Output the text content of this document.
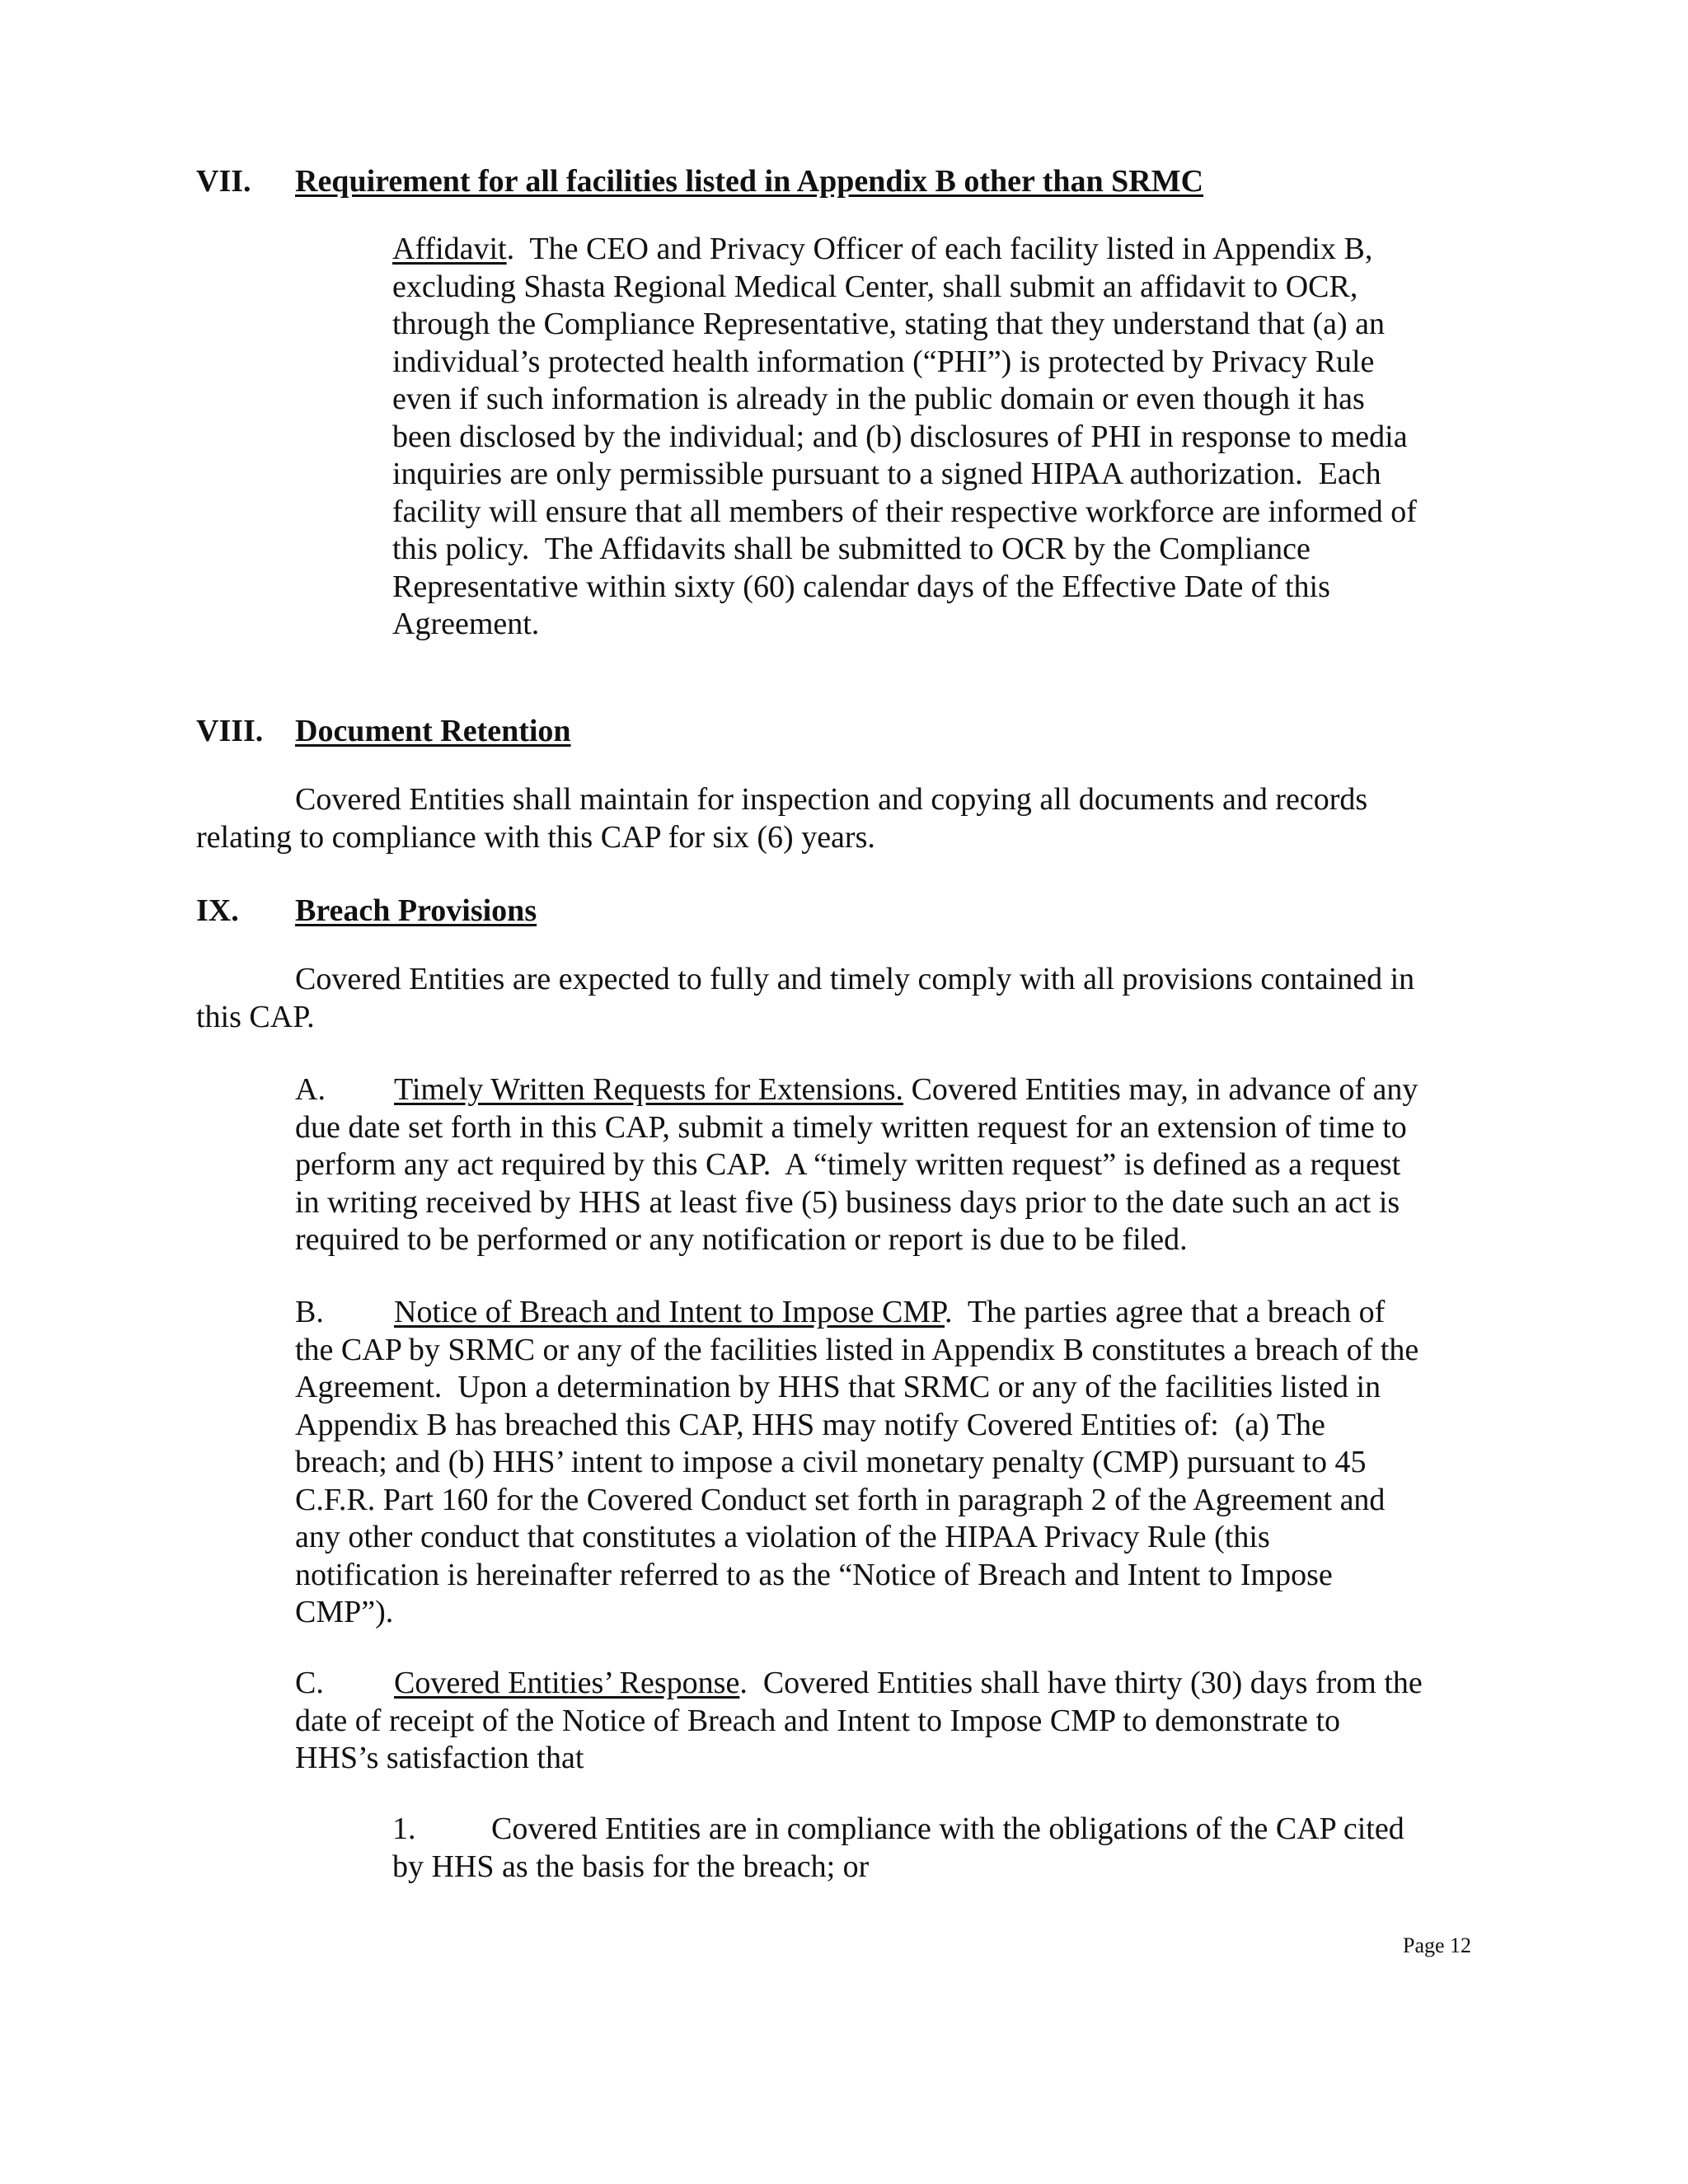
VII. Requirement for all facilities listed in Appendix B other than SRMC
Affidavit.  The CEO and Privacy Officer of each facility listed in Appendix B,
excluding Shasta Regional Medical Center, shall submit an affidavit to OCR,
through the Compliance Representative, stating that they understand that (a) an
individual’s protected health information (“PHI”) is protected by Privacy Rule
even if such information is already in the public domain or even though it has
been disclosed by the individual; and (b) disclosures of PHI in response to media
inquiries are only permissible pursuant to a signed HIPAA authorization.  Each
facility will ensure that all members of their respective workforce are informed of
this policy.  The Affidavits shall be submitted to OCR by the Compliance
Representative within sixty (60) calendar days of the Effective Date of this
Agreement.
VIII. Document Retention
Covered Entities shall maintain for inspection and copying all documents and records
relating to compliance with this CAP for six (6) years.
IX. Breach Provisions
Covered Entities are expected to fully and timely comply with all provisions contained in
this CAP.
A. Timely Written Requests for Extensions. Covered Entities may, in advance of any
due date set forth in this CAP, submit a timely written request for an extension of time to
perform any act required by this CAP.  A “timely written request” is defined as a request
in writing received by HHS at least five (5) business days prior to the date such an act is
required to be performed or any notification or report is due to be filed.
B. Notice of Breach and Intent to Impose CMP.  The parties agree that a breach of
the CAP by SRMC or any of the facilities listed in Appendix B constitutes a breach of the
Agreement.  Upon a determination by HHS that SRMC or any of the facilities listed in
Appendix B has breached this CAP, HHS may notify Covered Entities of:  (a) The
breach; and (b) HHS’ intent to impose a civil monetary penalty (CMP) pursuant to 45
C.F.R. Part 160 for the Covered Conduct set forth in paragraph 2 of the Agreement and
any other conduct that constitutes a violation of the HIPAA Privacy Rule (this
notification is hereinafter referred to as the “Notice of Breach and Intent to Impose
CMP”).
C. Covered Entities’ Response.  Covered Entities shall have thirty (30) days from the
date of receipt of the Notice of Breach and Intent to Impose CMP to demonstrate to
HHS’s satisfaction that
1. Covered Entities are in compliance with the obligations of the CAP cited
by HHS as the basis for the breach; or
Page 12
